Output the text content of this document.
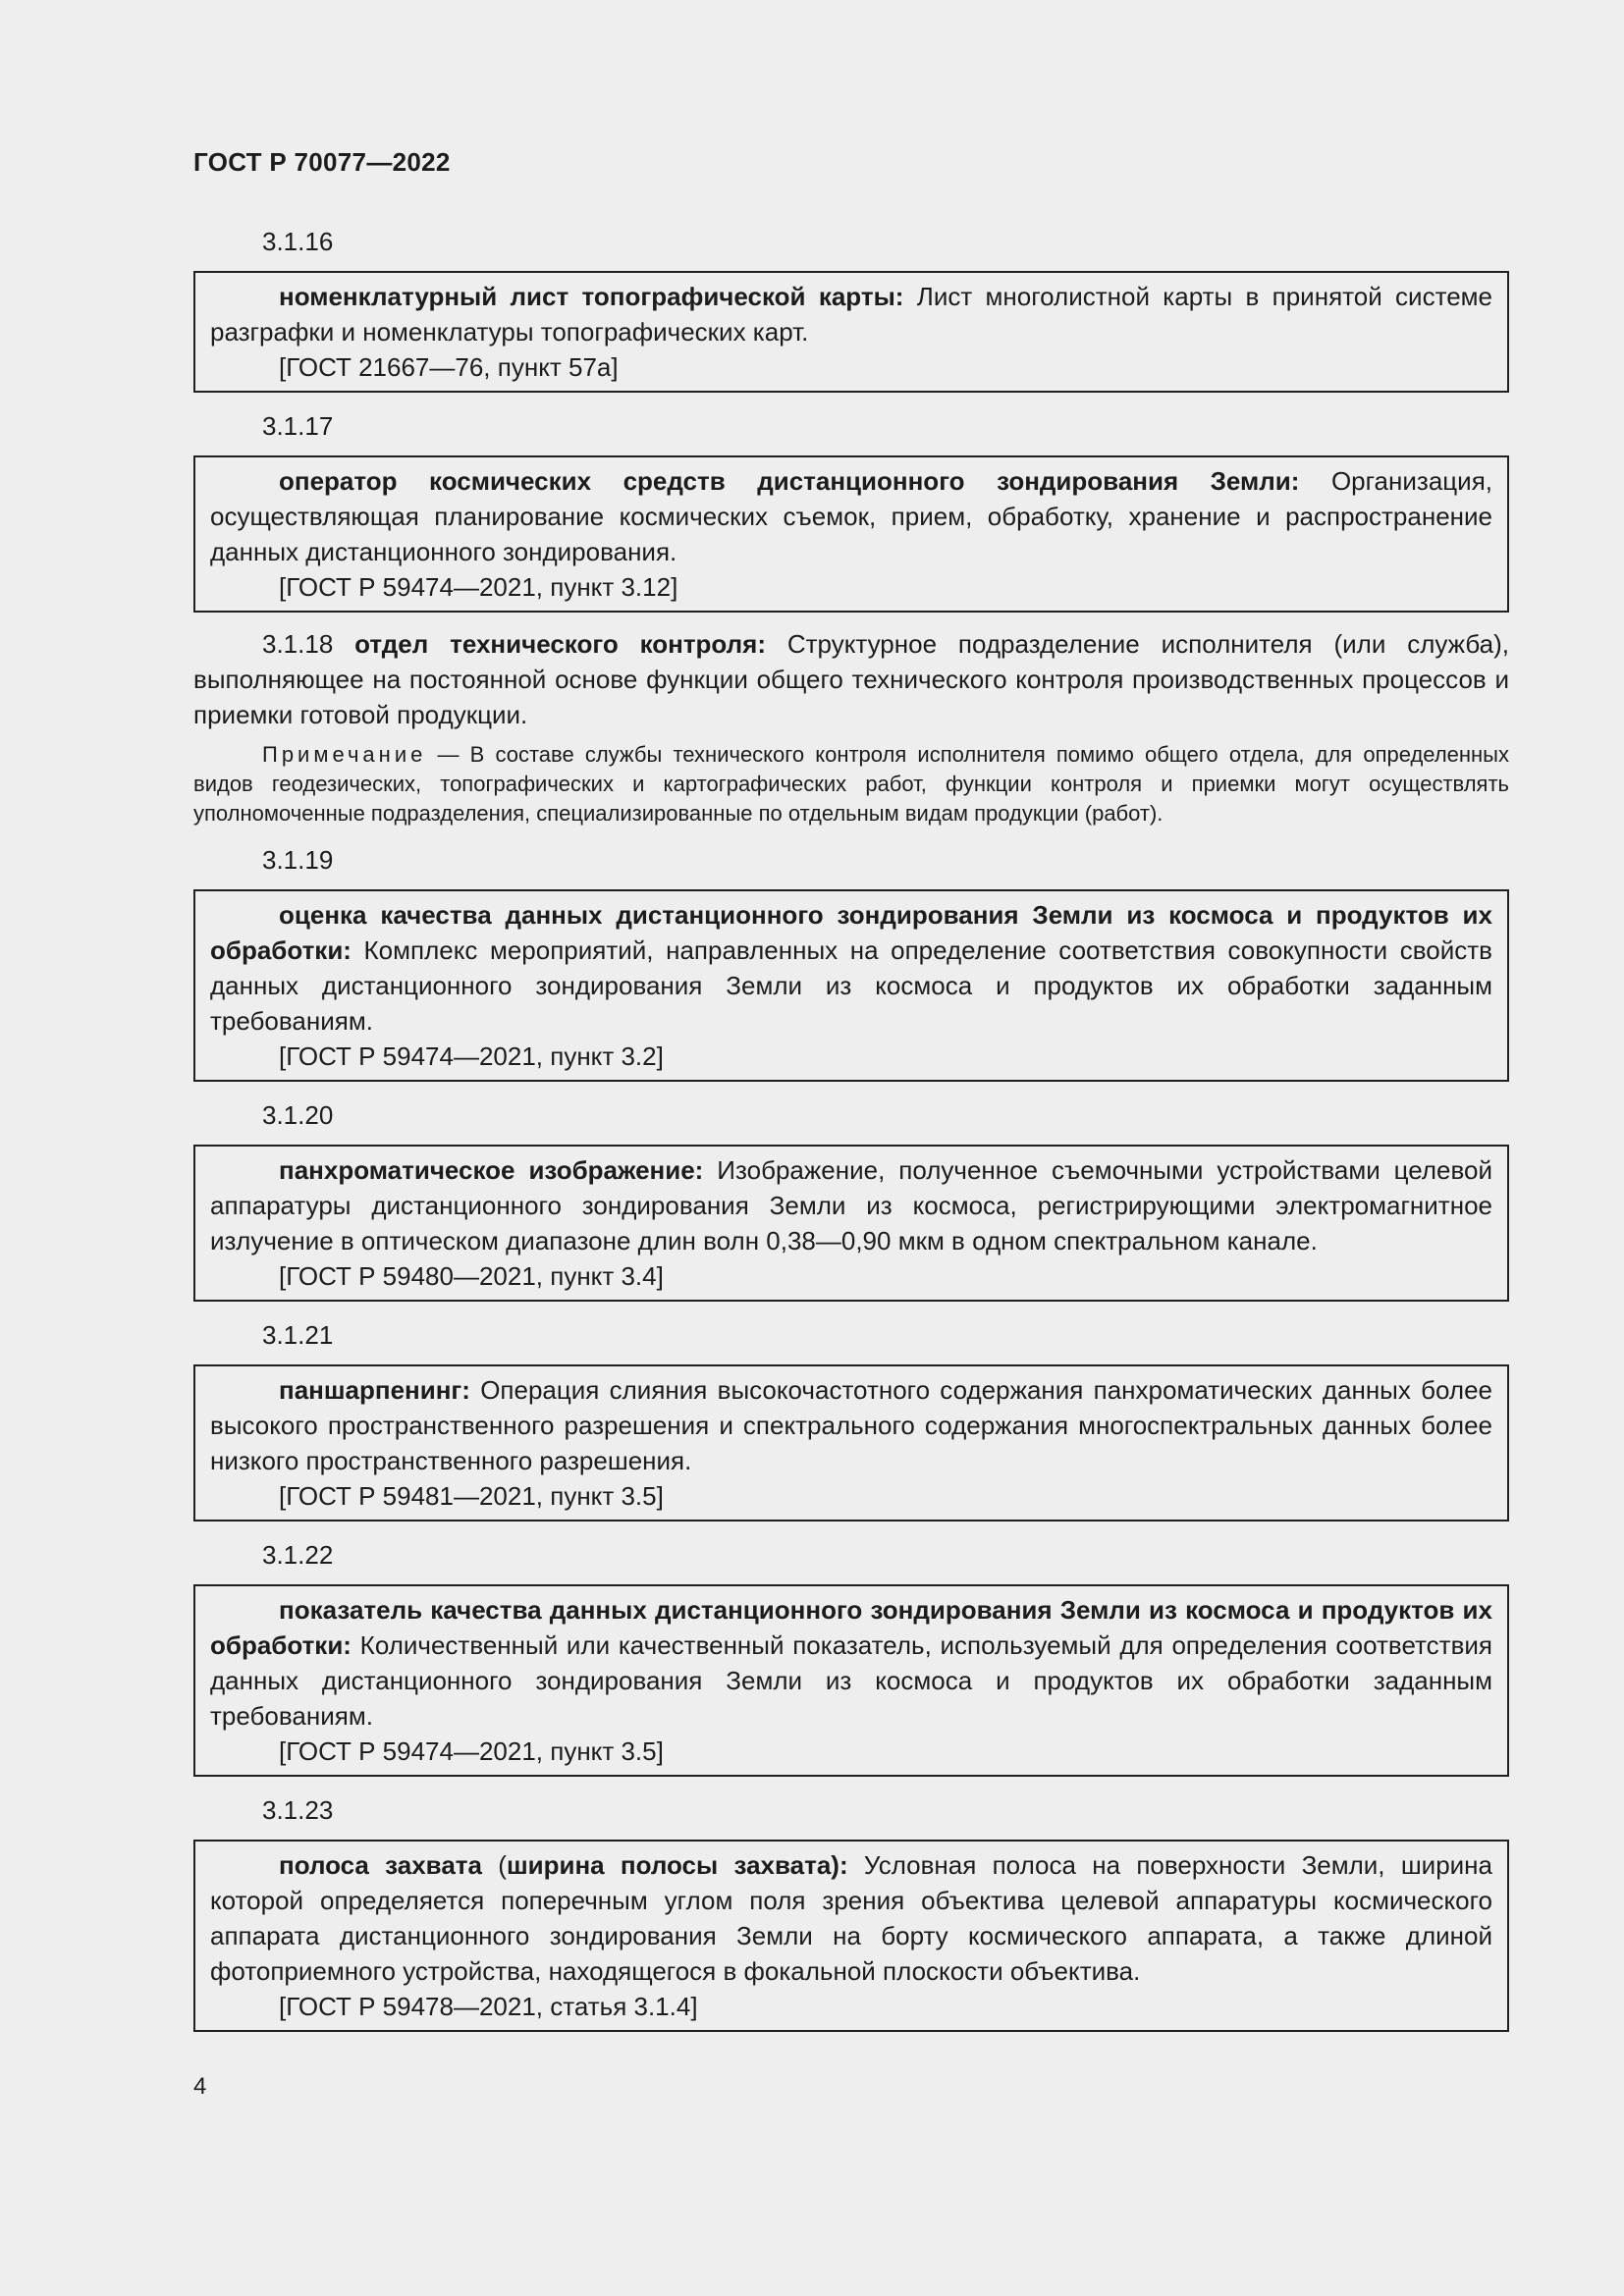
ГОСТ Р 70077—2022
3.1.16

номенклатурный лист топографической карты: Лист многолистной карты в принятой системе разграфки и номенклатуры топографических карт.

[ГОСТ 21667—76, пункт 57а]
3.1.17

оператор космических средств дистанционного зондирования Земли: Организация, осуществляющая планирование космических съемок, прием, обработку, хранение и распространение данных дистанционного зондирования.

[ГОСТ Р 59474—2021, пункт 3.12]

3.1.18 отдел технического контроля: Структурное подразделение исполнителя (или служба), выполняющее на постоянной основе функции общего технического контроля производственных процессов и приемки готовой продукции.

Примечание — В составе службы технического контроля исполнителя помимо общего отдела, для определенных видов геодезических, топографических и картографических работ, функции контроля и приемки могут осуществлять уполномоченные подразделения, специализированные по отдельным видам продукции (работ).

3.1.19

оценка качества данных дистанционного зондирования Земли из космоса и продуктов их обработки: Комплекс мероприятий, направленных на определение соответствия совокупности свойств данных дистанционного зондирования Земли из космоса и продуктов их обработки заданным требованиям.

[ГОСТ Р 59474—2021, пункт 3.2]
3.1.20

панхроматическое изображение: Изображение, полученное съемочными устройствами целевой аппаратуры дистанционного зондирования Земли из космоса, регистрирующими электромагнитное излучение в оптическом диапазоне длин волн 0,38—0,90 мкм в одном спектральном канале.

[ГОСТ Р 59480—2021, пункт 3.4]
3.1.21

паншарпенинг: Операция слияния высокочастотного содержания панхроматических данных более высокого пространственного разрешения и спектрального содержания многоспектральных данных более низкого пространственного разрешения.

[ГОСТ Р 59481—2021, пункт 3.5]
3.1.22

показатель качества данных дистанционного зондирования Земли из космоса и продуктов их обработки: Количественный или качественный показатель, используемый для определения соответствия данных дистанционного зондирования Земли из космоса и продуктов их обработки заданным требованиям.

[ГОСТ Р 59474—2021, пункт 3.5]
3.1.23

полоса захвата (ширина полосы захвата): Условная полоса на поверхности Земли, ширина которой определяется поперечным углом поля зрения объектива целевой аппаратуры космического аппарата дистанционного зондирования Земли на борту космического аппарата, а также длиной фотоприемного устройства, находящегося в фокальной плоскости объектива.

[ГОСТ Р 59478—2021, статья 3.1.4]
4
